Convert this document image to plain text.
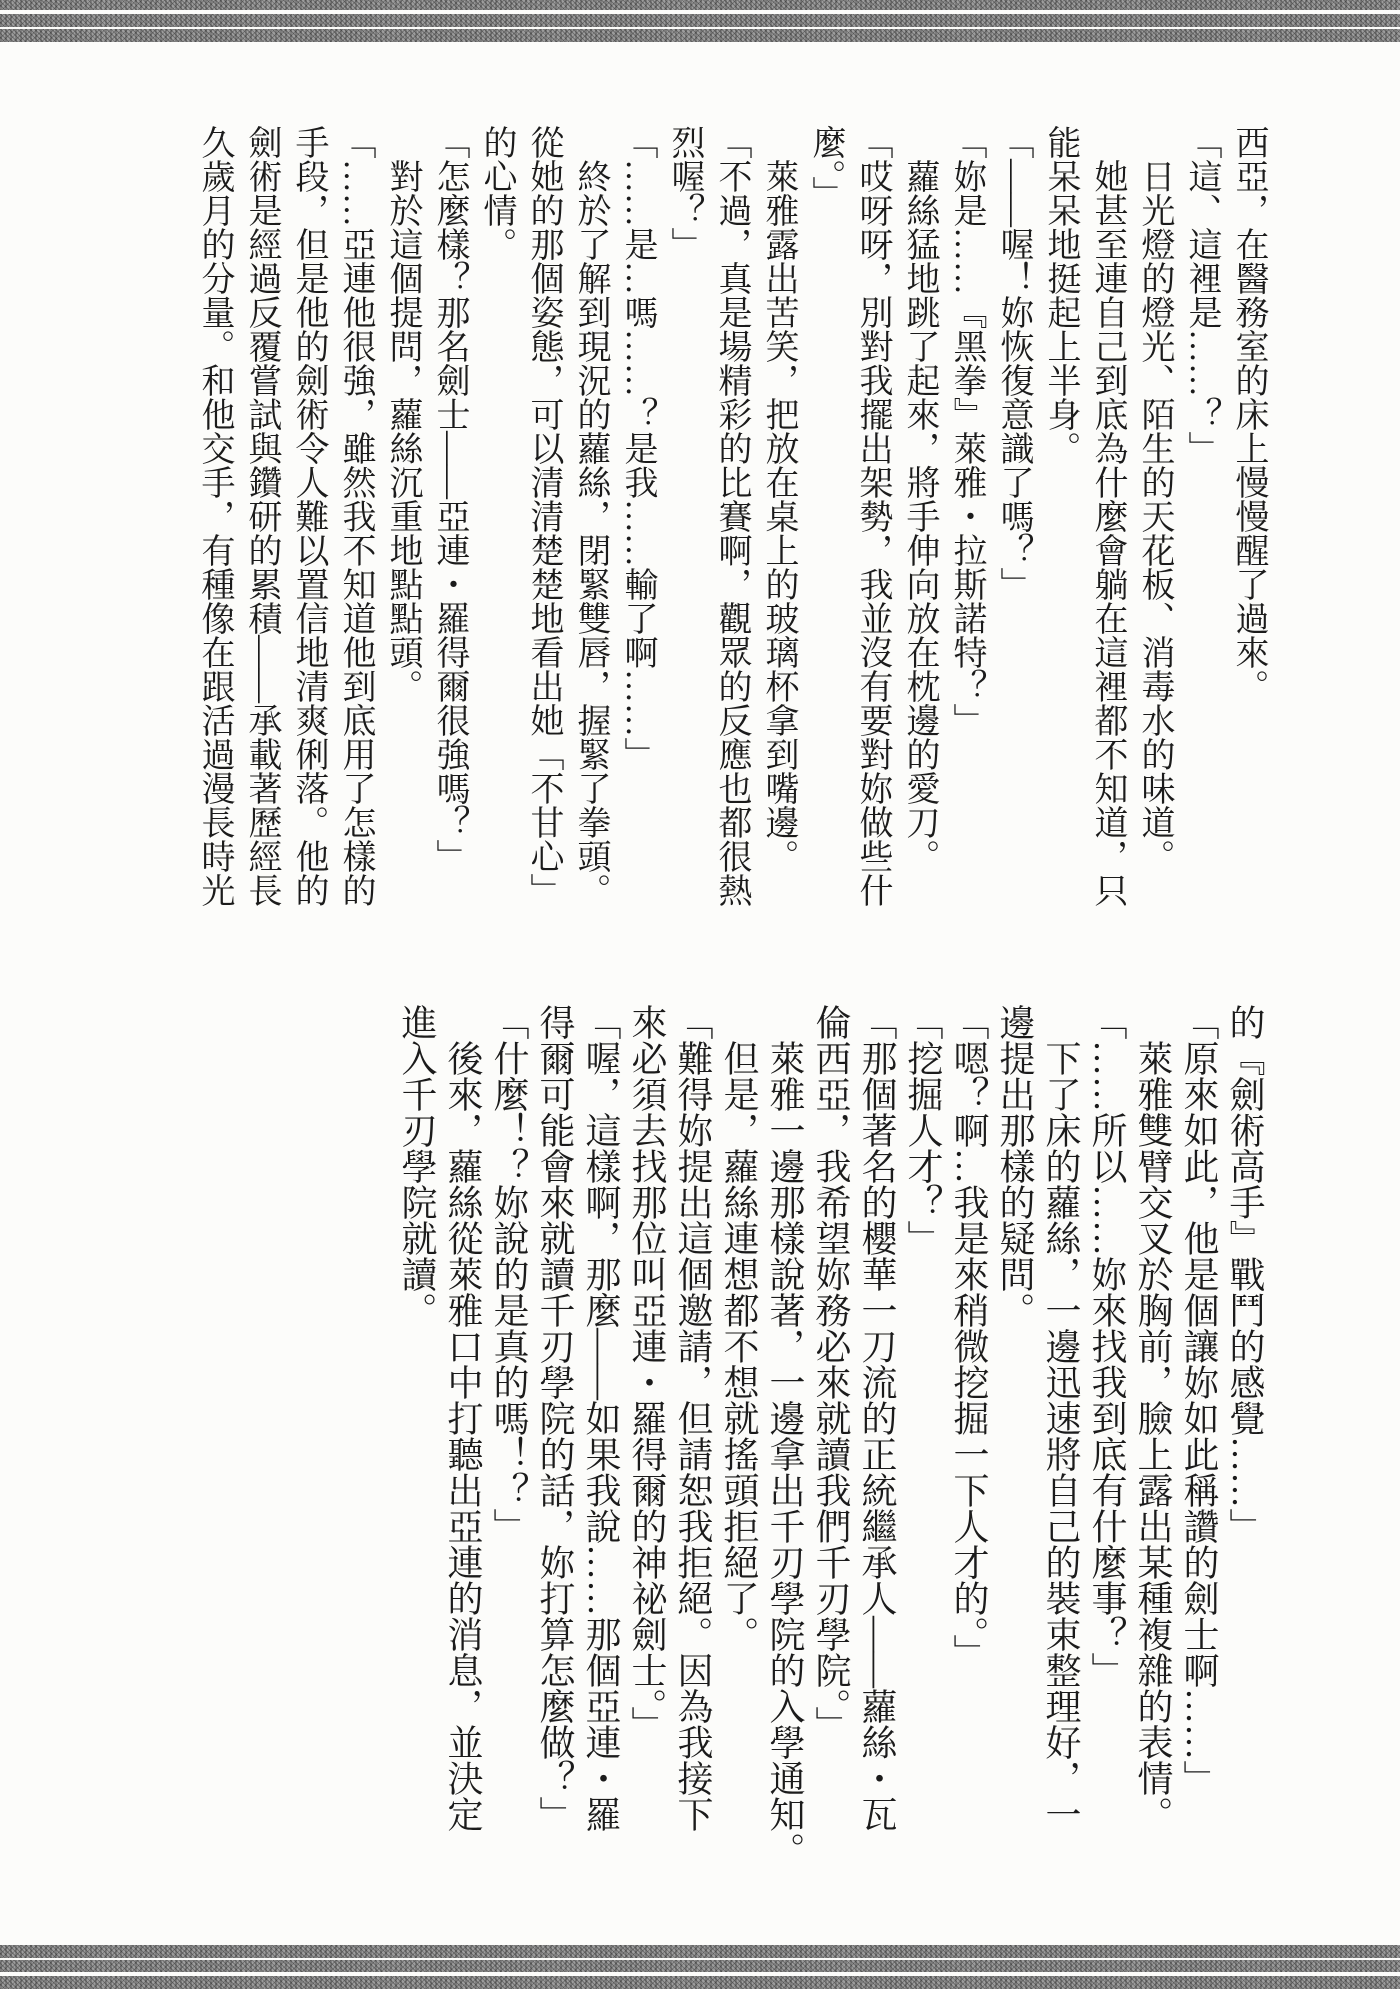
西亞，在醫務室的床上慢慢醒了過來。

「這、這裡是……？」

　日光燈的燈光、陌生的天花板、消毒水的味道。

　她甚至連自己到底為什麼會躺在這裡都不知道，只

能呆呆地挺起上半身。

「——喔！妳恢復意識了嗎？」

「妳是……『黑拳』萊雅・拉斯諾特？」

　蘿絲猛地跳了起來，將手伸向放在枕邊的愛刀。

「哎呀呀，別對我擺出架勢，我並沒有要對妳做些什

麼。」

　萊雅露出苦笑，把放在桌上的玻璃杯拿到嘴邊。

「不過，真是場精彩的比賽啊，觀眾的反應也都很熱

烈喔？」

「……是…嗎……？是我……輸了啊……」

　終於了解到現況的蘿絲，閉緊雙唇，握緊了拳頭。

從她的那個姿態，可以清清楚楚地看出她「不甘心」

的心情。

「怎麼樣？那名劍士——亞連・羅得爾很強嗎？」

　對於這個提問，蘿絲沉重地點點頭。

「……亞連他很強，雖然我不知道他到底用了怎樣的

手段，但是他的劍術令人難以置信地清爽俐落。他的

劍術是經過反覆嘗試與鑽研的累積——承載著歷經長

久歲月的分量。和他交手，有種像在跟活過漫長時光

的『劍術高手』戰鬥的感覺……」

「原來如此，他是個讓妳如此稱讚的劍士啊……」

　萊雅雙臂交叉於胸前，臉上露出某種複雜的表情。

「……所以……妳來找我到底有什麼事？」

　下了床的蘿絲，一邊迅速將自己的裝束整理好，一

邊提出那樣的疑問。

「嗯？啊…我是來稍微挖掘一下人才的。」

「挖掘人才？」

「那個著名的櫻華一刀流的正統繼承人——蘿絲・瓦

倫西亞，我希望妳務必來就讀我們千刃學院。」

　萊雅一邊那樣說著，一邊拿出千刃學院的入學通知。

　但是，蘿絲連想都不想就搖頭拒絕了。

「難得妳提出這個邀請，但請恕我拒絕。因為我接下

來必須去找那位叫亞連・羅得爾的神祕劍士。」

「喔，這樣啊，那麼——如果我說……那個亞連・羅

得爾可能會來就讀千刃學院的話，妳打算怎麼做？」

「什麼！？妳說的是真的嗎！？」

　後來，蘿絲從萊雅口中打聽出亞連的消息，並決定

進入千刃學院就讀。
